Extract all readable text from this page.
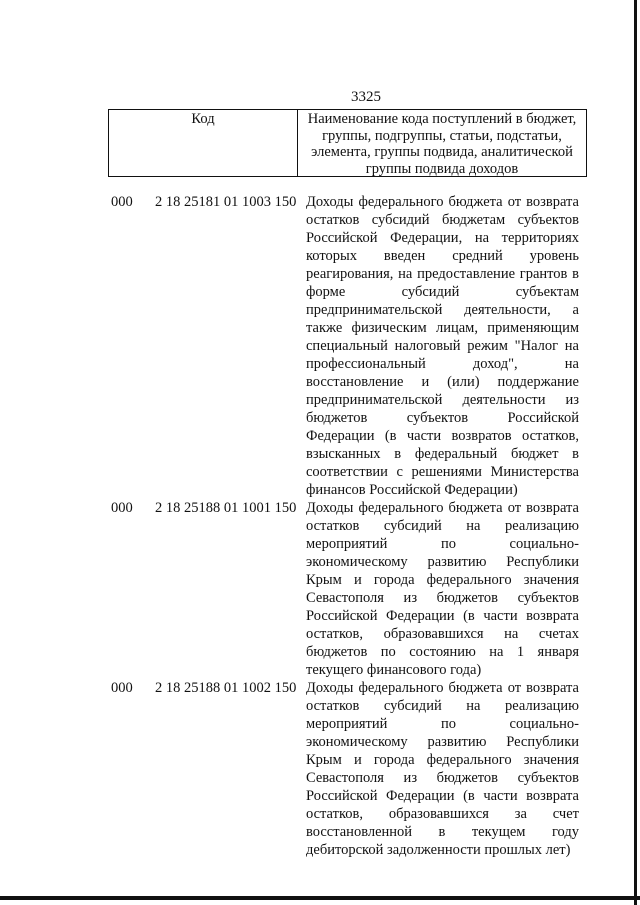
3325
Код	Наименование кода поступлений в бюджет, группы, подгруппы, статьи, подстатьи, элемента, группы подвида, аналитической группы подвида доходов
000	2 18 25181 01 1003 150 Доходы федерального бюджета от возврата остатков субсидий бюджетам субъектов Российской Федерации, на территориях которых введен средний уровень реагирования, на предоставление грантов в форме субсидий субъектам предпринимательской деятельности, а также физическим лицам, применяющим специальный налоговый режим "Налог на профессиональный доход", на восстановление и (или) поддержание предпринимательской деятельности из бюджетов субъектов Российской Федерации (в части возвратов остатков, взысканных в федеральный бюджет в соответствии с решениями Министерства финансов Российской Федерации)
000	2 18 25188 01 1001 150 Доходы федерального бюджета от возврата остатков субсидий на реализацию мероприятий по социально-экономическому развитию Республики Крым и города федерального значения Севастополя из бюджетов субъектов Российской Федерации (в части возврата остатков, образовавшихся на счетах бюджетов по состоянию на 1 января текущего финансового года)
000	2 18 25188 01 1002 150 Доходы федерального бюджета от возврата остатков субсидий на реализацию мероприятий по социально-экономическому развитию Республики Крым и города федерального значения Севастополя из бюджетов субъектов Российской Федерации (в части возврата остатков, образовавшихся за счет восстановленной в текущем году дебиторской задолженности прошлых лет)
